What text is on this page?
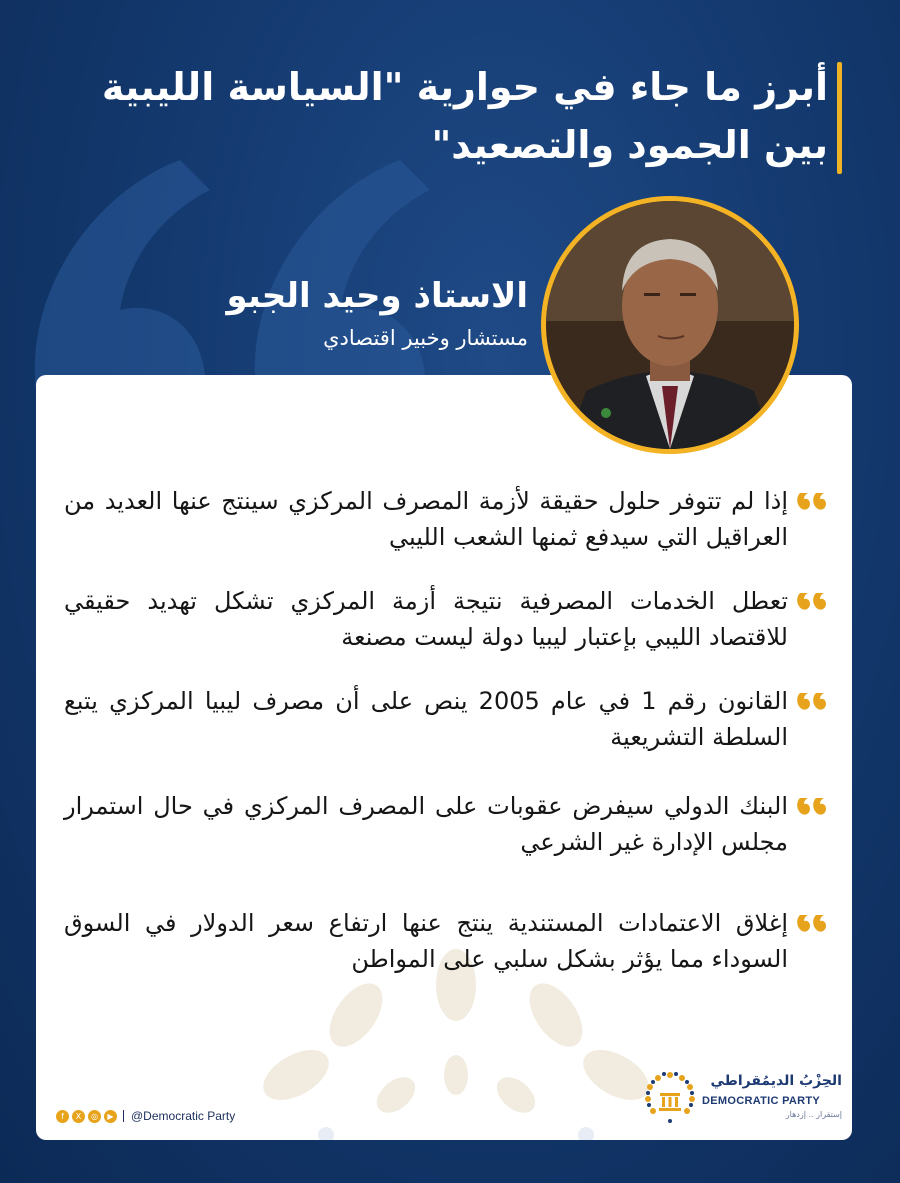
أبرز ما جاء في حوارية "السياسة الليبية

بين الجمود والتصعيد"

الاستاذ وحيد الجبو

مستشار وخبير اقتصادي

إذا لم تتوفر حلول حقيقة لأزمة المصرف المركزي سينتج عنها العديد من العراقيل التي سيدفع ثمنها الشعب الليبي

تعطل الخدمات المصرفية نتيجة أزمة المركزي تشكل تهديد حقيقي للاقتصاد الليبي بإعتبار ليبيا دولة ليست مصنعة

القانون رقم 1 في عام 2005 ينص على أن مصرف ليبيا المركزي يتبع السلطة التشريعية

البنك الدولي سيفرض عقوبات على المصرف المركزي في حال استمرار مجلس الإدارة غير الشرعي

إغلاق الاعتمادات المستندية ينتج عنها ارتفاع سعر الدولار في السوق السوداء مما يؤثر بشكل سلبي على المواطن

f	X	◎	▶ @Democratic Party
الحِزْبُ الديمُقراطي
DEMOCRATIC PARTY
إستقرار .. إزدهار
